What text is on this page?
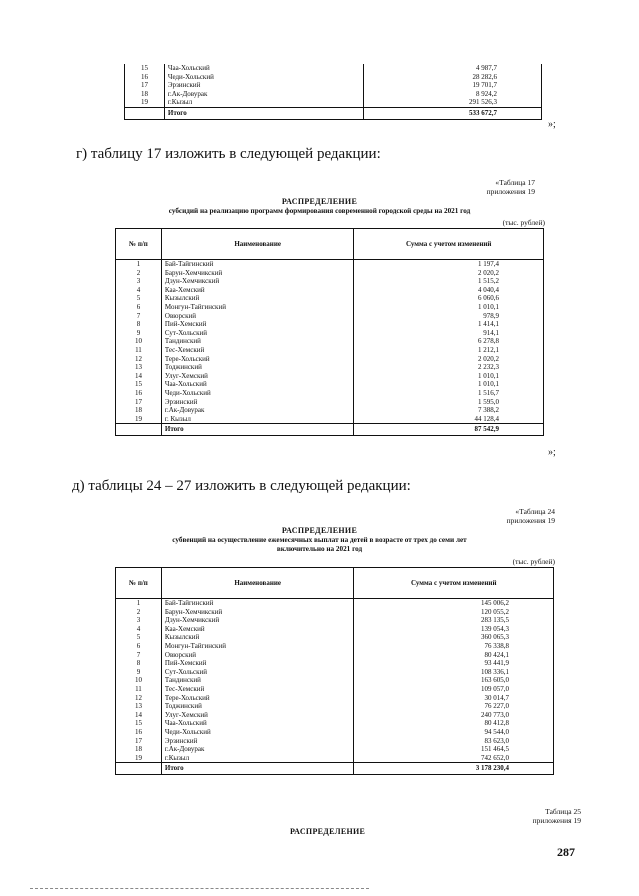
15	Чаа-Хольский	4 987,7
16	Чеди-Хольский	28 282,6
17	Эрзинский	19 701,7
18	г.Ак-Довурак	8 924,2
19	г.Кызыл	291 526,3
	Итого	533 672,7
»;
г) таблицу 17 изложить в следующей редакции:
«Таблица 17
приложения 19
РАСПРЕДЕЛЕНИЕ
субсидий на реализацию программ формирования современной городской среды на 2021 год
(тыс. рублей)
№ п/п	Наименование	Сумма с учетом изменений
1	Бай-Тайгинский	1 197,4
2	Барун-Хемчикский	2 020,2
3	Дзун-Хемчикский	1 515,2
4	Каа-Хемский	4 040,4
5	Кызылский	6 060,6
6	Монгун-Тайгинский	1 010,1
7	Овюрский	978,9
8	Пий-Хемский	1 414,1
9	Сут-Хольский	914,1
10	Тандинский	6 278,8
11	Тес-Хемский	1 212,1
12	Тере-Хольский	2 020,2
13	Тоджинский	2 232,3
14	Улуг-Хемский	1 010,1
15	Чаа-Хольский	1 010,1
16	Чеди-Хольский	1 516,7
17	Эрзинский	1 595,0
18	г.Ак-Довурак	7 388,2
19	г. Кызыл	44 128,4
	Итого	87 542,9
»;
д) таблицы 24 – 27 изложить в следующей редакции:
«Таблица 24
приложения 19
РАСПРЕДЕЛЕНИЕ
субвенций на осуществление ежемесячных выплат на детей в возрасте от трех до семи лет
включительно на 2021 год
(тыс. рублей)
№ п/п	Наименование	Сумма с учетом изменений
1	Бай-Тайгинский	145 006,2
2	Барун-Хемчикский	120 055,2
3	Дзун-Хемчикский	283 135,5
4	Каа-Хемский	139 054,3
5	Кызылский	360 065,3
6	Монгун-Тайгинский	76 338,8
7	Овюрский	80 424,1
8	Пий-Хемский	93 441,9
9	Сут-Хольский	108 336,1
10	Тандинский	163 605,0
11	Тес-Хемский	109 057,0
12	Тере-Хольский	30 014,7
13	Тоджинский	76 227,0
14	Улуг-Хемский	240 773,0
15	Чаа-Хольский	80 412,8
16	Чеди-Хольский	94 544,0
17	Эрзинский	83 623,0
18	г.Ак-Довурак	151 464,5
19	г.Кызыл	742 652,0
	Итого	3 178 230,4
Таблица 25
приложения 19
РАСПРЕДЕЛЕНИЕ
287
